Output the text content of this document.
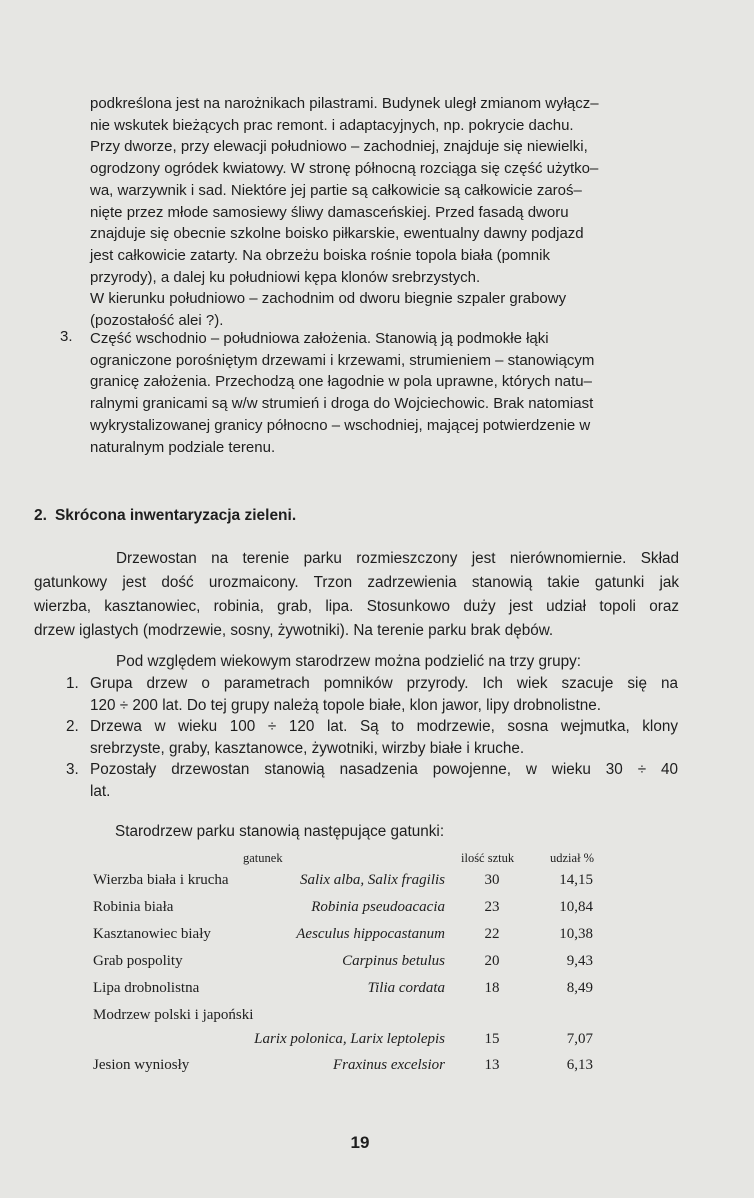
podkreślona jest na narożnikach pilastrami. Budynek uległ zmianom wyłącz–
nie wskutek bieżących prac remont. i adaptacyjnych, np. pokrycie dachu.
Przy dworze, przy elewacji południowo – zachodniej, znajduje się niewielki,
ogrodzony ogródek kwiatowy. W stronę północną rozciąga się część użytko–
wa, warzywnik i sad. Niektóre jej partie są całkowicie są całkowicie zaroś–
nięte przez młode samosiewy śliwy damasceńskiej. Przed fasadą dworu
znajduje się obecnie szkolne boisko piłkarskie, ewentualny dawny podjazd
jest całkowicie zatarty. Na obrzeżu boiska rośnie topola biała (pomnik
przyrody), a dalej ku południowi kępa klonów srebrzystych.
W kierunku południowo – zachodnim od dworu biegnie szpaler grabowy
(pozostałość alei ?).

3. Część wschodnio – południowa założenia. Stanowią ją podmokłe łąki
ograniczone porośniętym drzewami i krzewami, strumieniem – stanowiącym
granicę założenia. Przechodzą one łagodnie w pola uprawne, których natu–
ralnymi granicami są w/w strumień i droga do Wojciechowic. Brak natomiast
wykrystalizowanej granicy północno – wschodniej, mającej potwierdzenie w
naturalnym podziale terenu.
2. Skrócona inwentaryzacja zieleni.

Drzewostan na terenie parku rozmieszczony jest nierównomiernie. Skład
gatunkowy jest dość urozmaicony. Trzon zadrzewienia stanowią takie gatunki jak
wierzba, kasztanowiec, robinia, grab, lipa. Stosunkowo duży jest udział topoli oraz
drzew iglastych (modrzewie, sosny, żywotniki). Na terenie parku brak dębów.

Pod względem wiekowym starodrzew można podzielić na trzy grupy:

1. Grupa drzew o parametrach pomników przyrody. Ich wiek szacuje się na
120 ÷ 200 lat. Do tej grupy należą topole białe, klon jawor, lipy drobnolistne.
2. Drzewa w wieku 100 ÷ 120 lat. Są to modrzewie, sosna wejmutka, klony
srebrzyste, graby, kasztanowce, żywotniki, wirzby białe i kruche.
3. Pozostały drzewostan stanowią nasadzenia powojenne, w wieku 30 ÷ 40
lat.
Starodrzew parku stanowią następujące gatunki:
gatunek	ilość sztuk	udział %
Wierzba biała i krucha	Salix alba, Salix fragilis	30	14,15
Robinia biała	Robinia pseudoacacia	23	10,84
Kasztanowiec biały	Aesculus hippocastanum	22	10,38
Grab pospolity	Carpinus betulus	20	9,43
Lipa drobnolistna	Tilia cordata	18	8,49
Modrzew polski i japoński
Larix polonica, Larix leptolepis	15	7,07
Jesion wyniosły	Fraxinus excelsior	13	6,13
19
